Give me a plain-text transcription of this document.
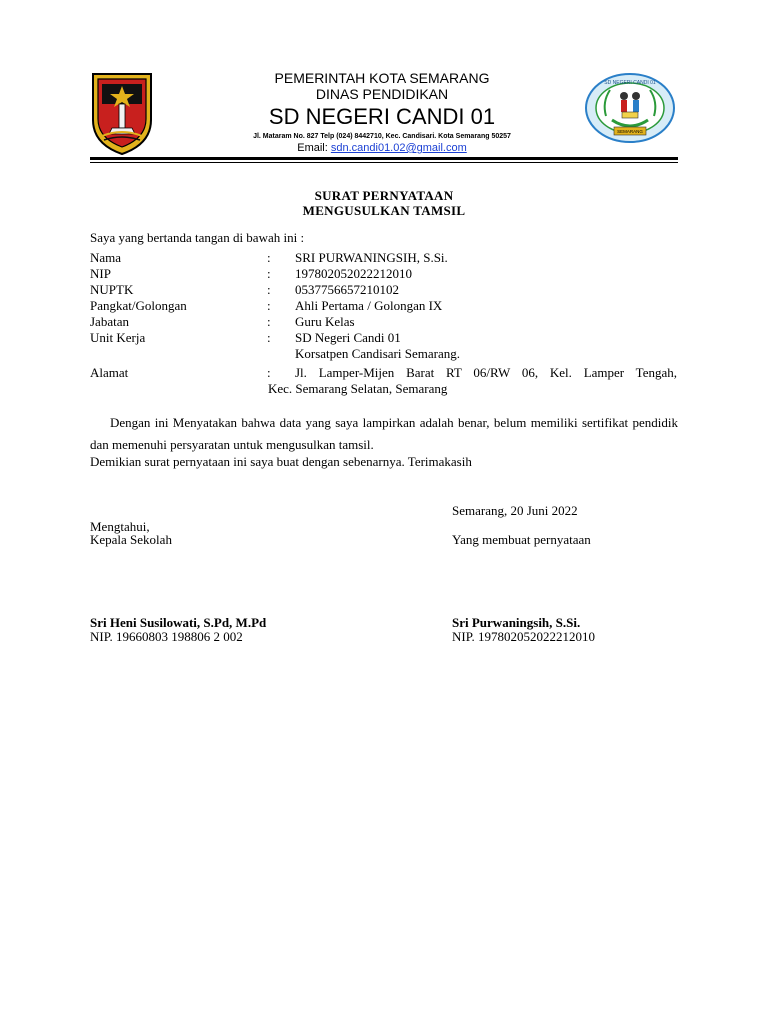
PEMERINTAH KOTA SEMARANG
DINAS PENDIDIKAN
SD NEGERI CANDI 01
Jl. Mataram No. 827 Telp (024) 8442710, Kec. Candisari. Kota Semarang 50257
Email: sdn.candi01.02@gmail.com
SD NEGERI CANDI 01
SEMARANG
SURAT PERNYATAAN
MENGUSULKAN TAMSIL
Saya yang bertanda tangan di bawah ini :
Nama	: SRI PURWANINGSIH, S.Si.
NIP	: 197802052022212010
NUPTK	: 0537756657210102
Pangkat/Golongan	: Ahli Pertama / Golongan IX
Jabatan	: Guru Kelas
Unit Kerja	: SD Negeri Candi 01
Korsatpen Candisari Semarang.
Alamat	: Jl. Lamper-Mijen Barat RT 06/RW 06, Kel. Lamper Tengah,
Kec. Semarang Selatan, Semarang
Dengan ini Menyatakan bahwa data yang saya lampirkan adalah benar, belum memiliki sertifikat pendidik dan memenuhi persyaratan untuk mengusulkan tamsil.
Demikian surat pernyataan ini saya buat dengan sebenarnya. Terimakasih
Semarang, 20 Juni 2022
Mengtahui,
Kepala Sekolah	Yang membuat pernyataan
Sri Heni Susilowati, S.Pd, M.Pd
NIP. 19660803 198806 2 002
Sri Purwaningsih, S.Si.
NIP. 197802052022212010
